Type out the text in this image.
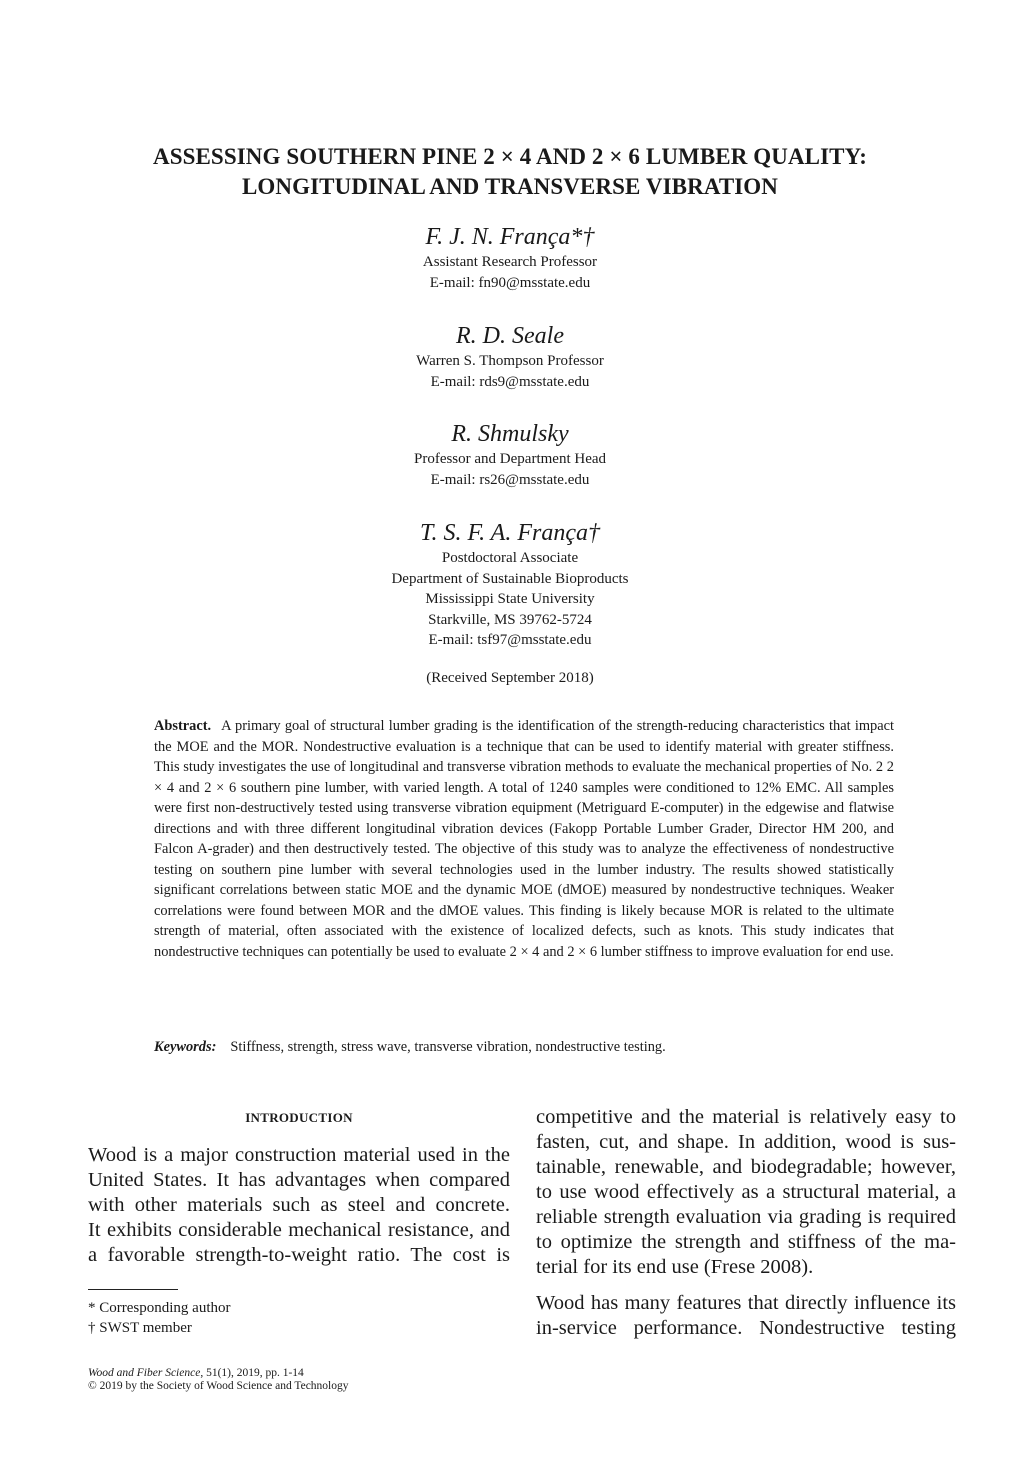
ASSESSING SOUTHERN PINE 2 × 4 AND 2 × 6 LUMBER QUALITY:
LONGITUDINAL AND TRANSVERSE VIBRATION
F. J. N. França*†
Assistant Research Professor
E-mail: fn90@msstate.edu
R. D. Seale
Warren S. Thompson Professor
E-mail: rds9@msstate.edu
R. Shmulsky
Professor and Department Head
E-mail: rs26@msstate.edu
T. S. F. A. França†
Postdoctoral Associate
Department of Sustainable Bioproducts
Mississippi State University
Starkville, MS 39762-5724
E-mail: tsf97@msstate.edu
(Received September 2018)
Abstract. A primary goal of structural lumber grading is the identification of the strength-reducing characteristics that impact the MOE and the MOR. Nondestructive evaluation is a technique that can be used to identify material with greater stiffness. This study investigates the use of longitudinal and transverse vibration methods to evaluate the mechanical properties of No. 2 2 × 4 and 2 × 6 southern pine lumber, with varied length. A total of 1240 samples were conditioned to 12% EMC. All samples were first non-destructively tested using transverse vibration equipment (Metriguard E-computer) in the edgewise and flatwise directions and with three different longitudinal vibration devices (Fakopp Portable Lumber Grader, Director HM 200, and Falcon A-grader) and then destructively tested. The objective of this study was to analyze the effectiveness of nondestructive testing on southern pine lumber with several technologies used in the lumber industry. The results showed statistically significant correlations between static MOE and the dynamic MOE (dMOE) measured by nondestructive techniques. Weaker correlations were found between MOR and the dMOE values. This finding is likely because MOR is related to the ultimate strength of material, often associated with the existence of localized defects, such as knots. This study indicates that nondestructive techniques can potentially be used to evaluate 2 × 4 and 2 × 6 lumber stiffness to improve evaluation for end use.
Keywords: Stiffness, strength, stress wave, transverse vibration, nondestructive testing.
INTRODUCTION
Wood is a major construction material used in the
United States. It has advantages when compared
with other materials such as steel and concrete.
It exhibits considerable mechanical resistance, and
a favorable strength-to-weight ratio. The cost is
competitive and the material is relatively easy to
fasten, cut, and shape. In addition, wood is sus-
tainable, renewable, and biodegradable; however,
to use wood effectively as a structural material, a
reliable strength evaluation via grading is required
to optimize the strength and stiffness of the ma-
terial for its end use (Frese 2008).
Wood has many features that directly influence its
in-service performance. Nondestructive testing
* Corresponding author
† SWST member
Wood and Fiber Science, 51(1), 2019, pp. 1-14
© 2019 by the Society of Wood Science and Technology
